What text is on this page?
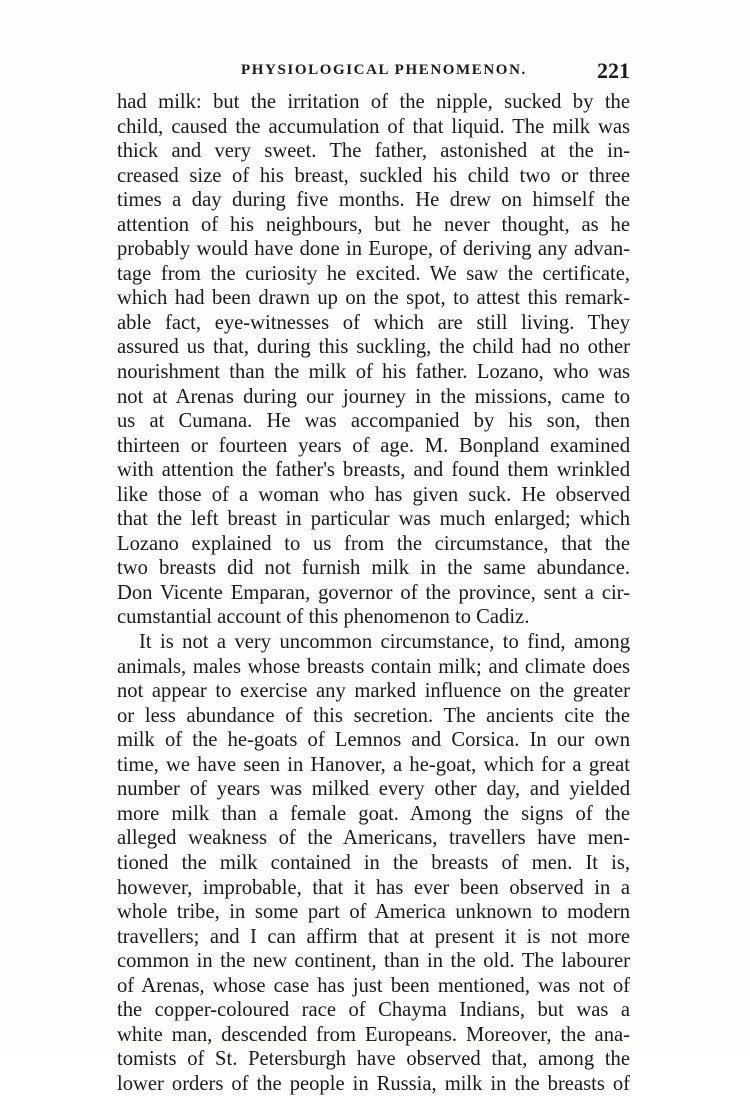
PHYSIOLOGICAL PHENOMENON.	221
had milk: but the irritation of the nipple, sucked by the
child, caused the accumulation of that liquid. The milk was
thick and very sweet. The father, astonished at the in-
creased size of his breast, suckled his child two or three
times a day during five months. He drew on himself the
attention of his neighbours, but he never thought, as he
probably would have done in Europe, of deriving any advan-
tage from the curiosity he excited. We saw the certificate,
which had been drawn up on the spot, to attest this remark-
able fact, eye-witnesses of which are still living. They
assured us that, during this suckling, the child had no other
nourishment than the milk of his father. Lozano, who was
not at Arenas during our journey in the missions, came to
us at Cumana. He was accompanied by his son, then
thirteen or fourteen years of age. M. Bonpland examined
with attention the father's breasts, and found them wrinkled
like those of a woman who has given suck. He observed
that the left breast in particular was much enlarged; which
Lozano explained to us from the circumstance, that the
two breasts did not furnish milk in the same abundance.
Don Vicente Emparan, governor of the province, sent a cir-
cumstantial account of this phenomenon to Cadiz.
It is not a very uncommon circumstance, to find, among
animals, males whose breasts contain milk; and climate does
not appear to exercise any marked influence on the greater
or less abundance of this secretion. The ancients cite the
milk of the he-goats of Lemnos and Corsica. In our own
time, we have seen in Hanover, a he-goat, which for a great
number of years was milked every other day, and yielded
more milk than a female goat. Among the signs of the
alleged weakness of the Americans, travellers have men-
tioned the milk contained in the breasts of men. It is,
however, improbable, that it has ever been observed in a
whole tribe, in some part of America unknown to modern
travellers; and I can affirm that at present it is not more
common in the new continent, than in the old. The labourer
of Arenas, whose case has just been mentioned, was not of
the copper-coloured race of Chayma Indians, but was a
white man, descended from Europeans. Moreover, the ana-
tomists of St. Petersburgh have observed that, among the
lower orders of the people in Russia, milk in the breasts of
